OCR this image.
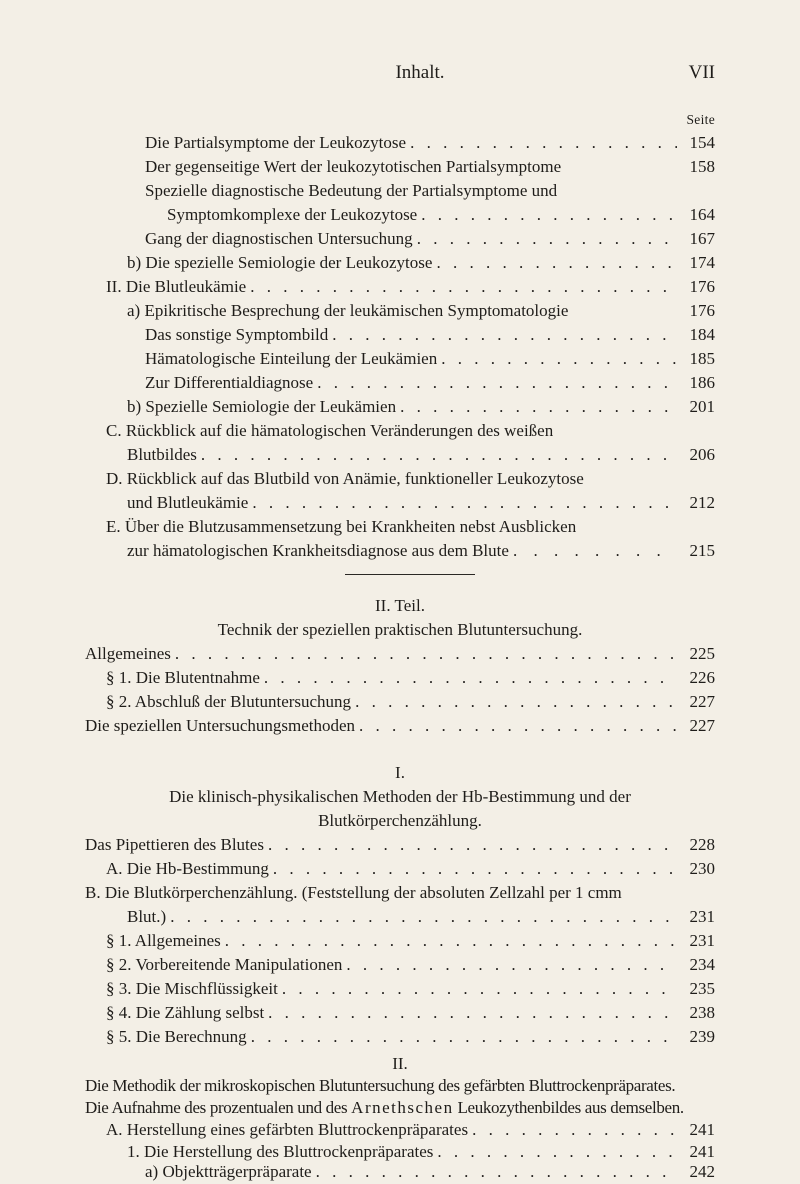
Inhalt.	VII
Seite
Die Partialsymptome der Leukozytose . . .	154
Der gegenseitige Wert der leukozytotischen Partialsymptome	158
Spezielle diagnostische Bedeutung der Partialsymptome und
Symptomkomplexe der Leukozytose . . .	164
Gang der diagnostischen Untersuchung . . .	167
b) Die spezielle Semiologie der Leukozytose . . .	174
II. Die Blutleukämie . . .	176
a) Epikritische Besprechung der leukämischen Symptomatologie	176
Das sonstige Symptombild . . .	184
Hämatologische Einteilung der Leukämien . . .	185
Zur Differentialdiagnose . . .	186
b) Spezielle Semiologie der Leukämien . . .	201
C. Rückblick auf die hämatologischen Veränderungen des weißen
Blutbildes . . .	206
D. Rückblick auf das Blutbild von Anämie, funktioneller Leukozytose
und Blutleukämie . . .	212
E. Über die Blutzusammensetzung bei Krankheiten nebst Ausblicken
zur hämatologischen Krankheitsdiagnose aus dem Blute . . .	215
II. Teil.
Technik der speziellen praktischen Blutuntersuchung.
Allgemeines . . .	225
§ 1. Die Blutentnahme . . .	226
§ 2. Abschluß der Blutuntersuchung . . .	227
Die speziellen Untersuchungsmethoden . . .	227
I.
Die klinisch-physikalischen Methoden der Hb-Bestimmung und der
Blutkörperchenzählung.
Das Pipettieren des Blutes . . .	228
A. Die Hb-Bestimmung . . .	230
B. Die Blutkörperchenzählung. (Feststellung der absoluten Zellzahl per 1 cmm
Blut.) . . .	231
§ 1. Allgemeines . . .	231
§ 2. Vorbereitende Manipulationen . . .	234
§ 3. Die Mischflüssigkeit . . .	235
§ 4. Die Zählung selbst . . .	238
§ 5. Die Berechnung . . .	239
II.
Die Methodik der mikroskopischen Blutuntersuchung des gefärbten Bluttrockenpräparates.
Die Aufnahme des prozentualen und des Arnethschen Leukozythenbildes aus demselben.
A. Herstellung eines gefärbten Bluttrockenpräparates . . .	241
1. Die Herstellung des Bluttrockenpräparates . . .	241
a) Objektträgerpräparate . . .	242
